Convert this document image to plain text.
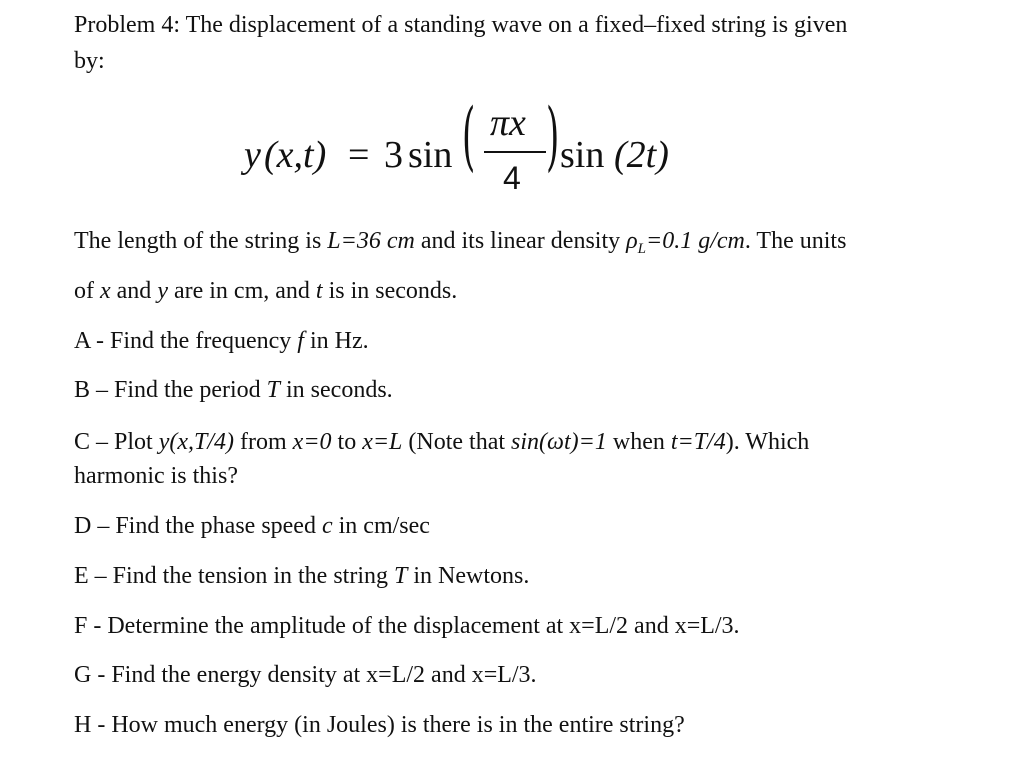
Problem 4: The displacement of a standing wave on a fixed–fixed string is given
by:
y (x,t) = 3 sin ( πx
4 ) sin (2t)
The length of the string is L=36 cm and its linear density $\rho_L=0.1$ g/cm. The units
of x and y are in cm, and t is in seconds.
A - Find the frequency f in Hz.
B – Find the period T in seconds.
C – Plot y(x,T/4) from x=0 to x=L (Note that sin(ωt)=1 when t=T/4). Which
harmonic is this?
D – Find the phase speed c in cm/sec
E – Find the tension in the string T in Newtons.
F - Determine the amplitude of the displacement at x=L/2 and x=L/3.
G - Find the energy density at x=L/2 and x=L/3.
H - How much energy (in Joules) is there is in the entire string?
